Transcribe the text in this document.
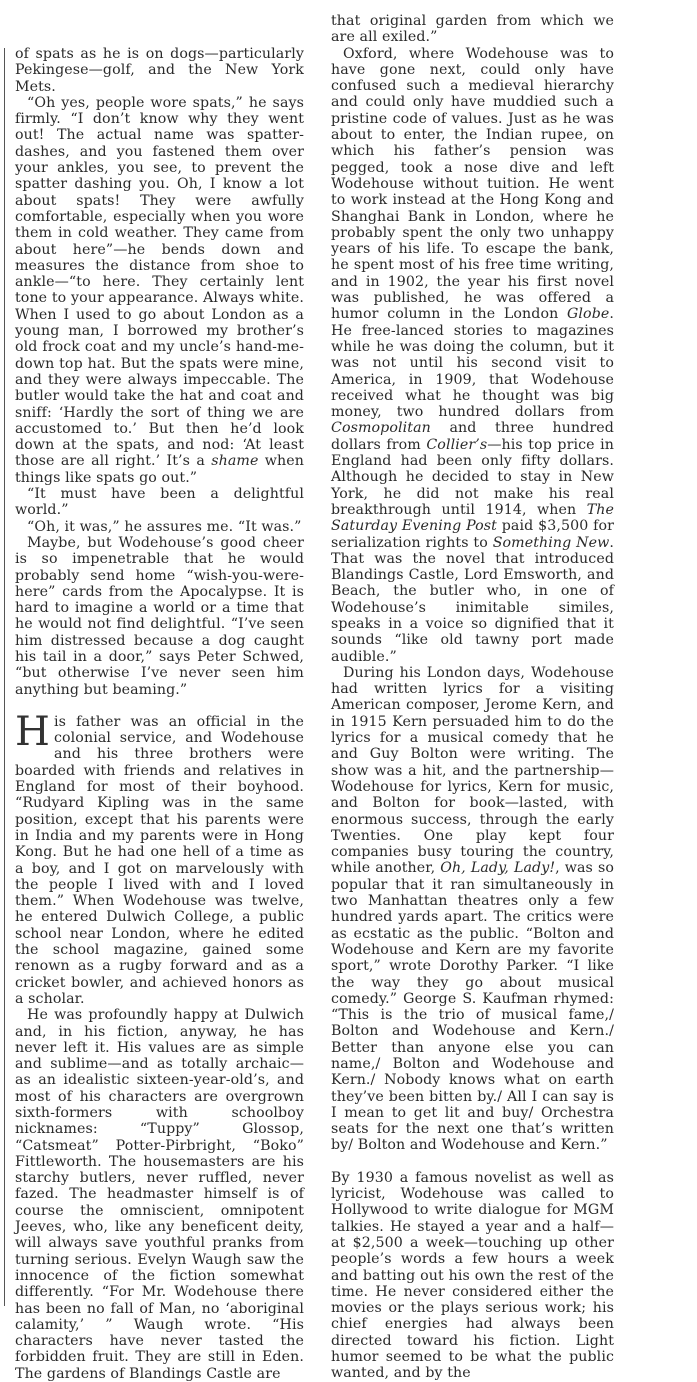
of spats as he is on dogs—particularly Pekingese—golf, and the New York Mets.

“Oh yes, people wore spats,” he says firmly. “I don’t know why they went out! The actual name was spatter-dashes, and you fastened them over your ankles, you see, to prevent the spatter dashing you. Oh, I know a lot about spats! They were awfully comfortable, especially when you wore them in cold weather. They came from about here”—he bends down and measures the distance from shoe to ankle—“to here. They certainly lent tone to your appearance. Always white. When I used to go about London as a young man, I borrowed my brother’s old frock coat and my uncle’s hand-me-down top hat. But the spats were mine, and they were always impeccable. The butler would take the hat and coat and sniff: ‘Hardly the sort of thing we are accustomed to.’ But then he’d look down at the spats, and nod: ‘At least those are all right.’ It’s a shame when things like spats go out.”

“It must have been a delightful world.”

“Oh, it was,” he assures me. “It was.”

Maybe, but Wodehouse’s good cheer is so impenetrable that he would probably send home “wish-you-were-here” cards from the Apocalypse. It is hard to imagine a world or a time that he would not find delightful. “I’ve seen him distressed because a dog caught his tail in a door,” says Peter Schwed, “but otherwise I’ve never seen him anything but beaming.”

His father was an official in the colonial service, and Wodehouse and his three brothers were boarded with friends and relatives in England for most of their boyhood. “Rudyard Kipling was in the same position, except that his parents were in India and my parents were in Hong Kong. But he had one hell of a time as a boy, and I got on marvelously with the people I lived with and I loved them.” When Wodehouse was twelve, he entered Dulwich College, a public school near London, where he edited the school magazine, gained some renown as a rugby forward and as a cricket bowler, and achieved honors as a scholar.

He was profoundly happy at Dulwich and, in his fiction, anyway, he has never left it. His values are as simple and sublime—and as totally archaic—as an idealistic sixteen-year-old’s, and most of his characters are overgrown sixth-formers with schoolboy nicknames: “Tuppy” Glossop, “Catsmeat” Potter-Pirbright, “Boko” Fittleworth. The housemasters are his starchy butlers, never ruffled, never fazed. The headmaster himself is of course the omniscient, omnipotent Jeeves, who, like any beneficent deity, will always save youthful pranks from turning serious. Evelyn Waugh saw the innocence of the fiction somewhat differently. “For Mr. Wodehouse there has been no fall of Man, no ‘aboriginal calamity,’ ” Waugh wrote. “His characters have never tasted the forbidden fruit. They are still in Eden. The gardens of Blandings Castle are

that original garden from which we are all exiled.”

Oxford, where Wodehouse was to have gone next, could only have confused such a medieval hierarchy and could only have muddied such a pristine code of values. Just as he was about to enter, the Indian rupee, on which his father’s pension was pegged, took a nose dive and left Wodehouse without tuition. He went to work instead at the Hong Kong and Shanghai Bank in London, where he probably spent the only two unhappy years of his life. To escape the bank, he spent most of his free time writing, and in 1902, the year his first novel was published, he was offered a humor column in the London Globe. He free-lanced stories to magazines while he was doing the column, but it was not until his second visit to America, in 1909, that Wodehouse received what he thought was big money, two hundred dollars from Cosmopolitan and three hundred dollars from Collier’s—his top price in England had been only fifty dollars. Although he decided to stay in New York, he did not make his real breakthrough until 1914, when The Saturday Evening Post paid $3,500 for serialization rights to Something New. That was the novel that introduced Blandings Castle, Lord Emsworth, and Beach, the butler who, in one of Wodehouse’s inimitable similes, speaks in a voice so dignified that it sounds “like old tawny port made audible.”

During his London days, Wodehouse had written lyrics for a visiting American composer, Jerome Kern, and in 1915 Kern persuaded him to do the lyrics for a musical comedy that he and Guy Bolton were writing. The show was a hit, and the partnership—Wodehouse for lyrics, Kern for music, and Bolton for book—lasted, with enormous success, through the early Twenties. One play kept four companies busy touring the country, while another, Oh, Lady, Lady!, was so popular that it ran simultaneously in two Manhattan theatres only a few hundred yards apart. The critics were as ecstatic as the public. “Bolton and Wodehouse and Kern are my favorite sport,” wrote Dorothy Parker. “I like the way they go about musical comedy.” George S. Kaufman rhymed: “This is the trio of musical fame,/ Bolton and Wodehouse and Kern./ Better than anyone else you can name,/ Bolton and Wodehouse and Kern./ Nobody knows what on earth they’ve been bitten by./ All I can say is I mean to get lit and buy/ Orchestra seats for the next one that’s written by/ Bolton and Wodehouse and Kern.”

By 1930 a famous novelist as well as lyricist, Wodehouse was called to Hollywood to write dialogue for MGM talkies. He stayed a year and a half—at $2,500 a week—touching up other people’s words a few hours a week and batting out his own the rest of the time. He never considered either the movies or the plays serious work; his chief energies had always been directed toward his fiction. Light humor seemed to be what the public wanted, and by the
